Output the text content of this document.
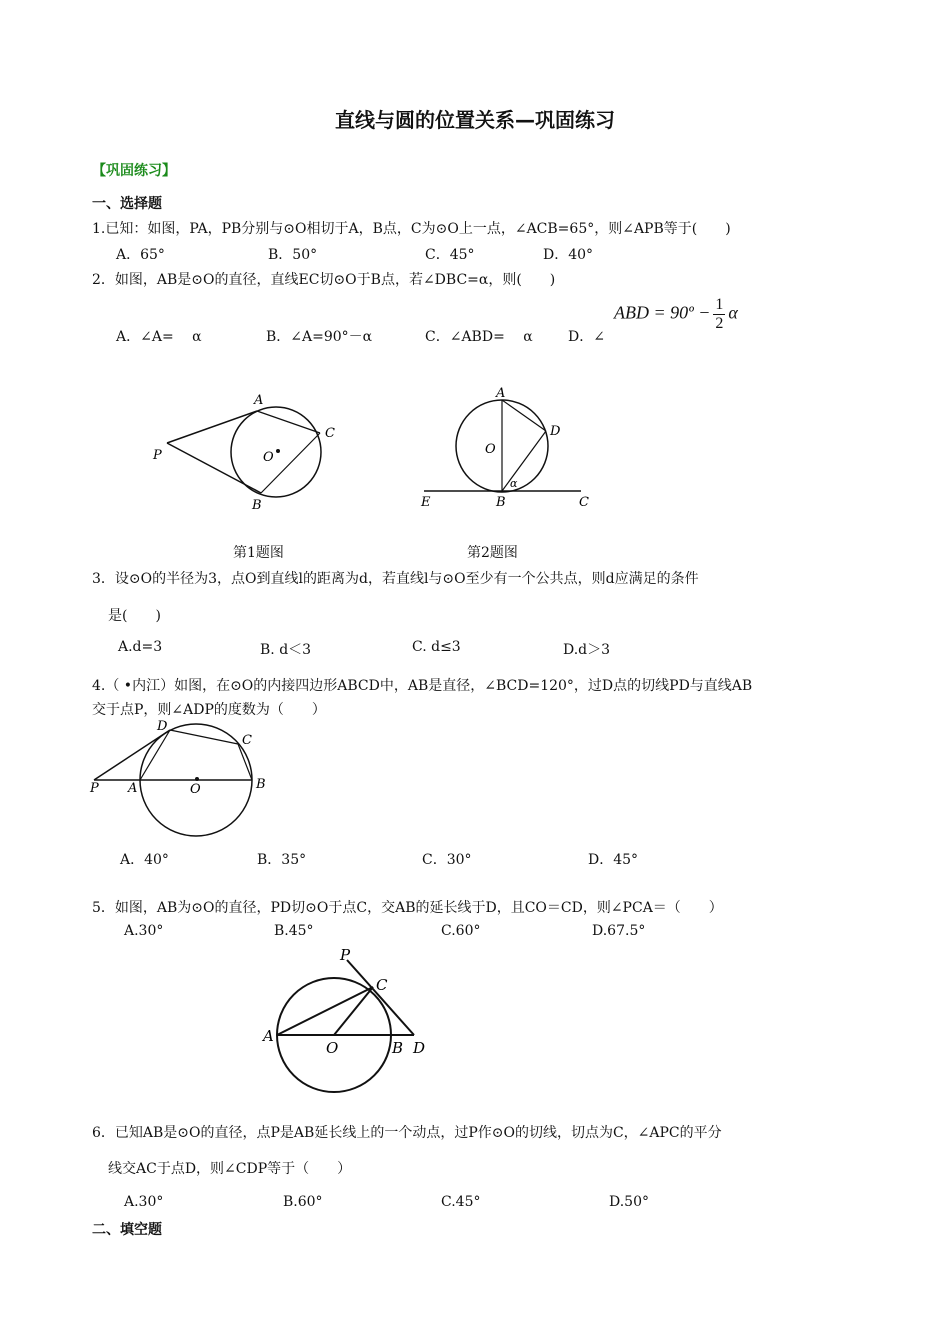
直线与圆的位置关系—巩固练习
【巩固练习】
一、选择题
1.已知：如图，PA，PB分别与⊙O相切于A，B点，C为⊙O上一点，∠ACB=65°，则∠APB等于(　　)
A．65°	B．50°	C．45°	D．40°
2．如图，AB是⊙O的直径，直线EC切⊙O于B点，若∠DBC=α，则(　　)
ABD = 90º − $\frac{1}{2}$ α
A．∠A=　 α	B．∠A=90°－α	C．∠ABD=　 α	D．∠
A
B
C
P	O
A
B	C
D
E
O
α
第1题图	第2题图
3．设⊙O的半径为3，点O到直线l的距离为d，若直线l与⊙O至少有一个公共点，则d应满足的条件
是(　　)
A.d=3	B. d＜3	C. d≤3	D.d＞3
4.（ •内江）如图，在⊙O的内接四边形ABCD中，AB是直径，∠BCD=120°，过D点的切线PD与直线AB
交于点P，则∠ADP的度数为（　　）
P A	O	B
C
D
A．40°	B．35°	C．30°	D．45°
5．如图，AB为⊙O的直径，PD切⊙O于点C，交AB的延长线于D，且CO＝CD，则∠PCA＝（　　）
A.30°	B.45°	C.60°	D.67.5°
P
C
A
O	B D
6．已知AB是⊙O的直径，点P是AB延长线上的一个动点，过P作⊙O的切线，切点为C，∠APC的平分
线交AC于点D，则∠CDP等于（　　）
A.30°	B.60°	C.45°	D.50°
二、填空题
